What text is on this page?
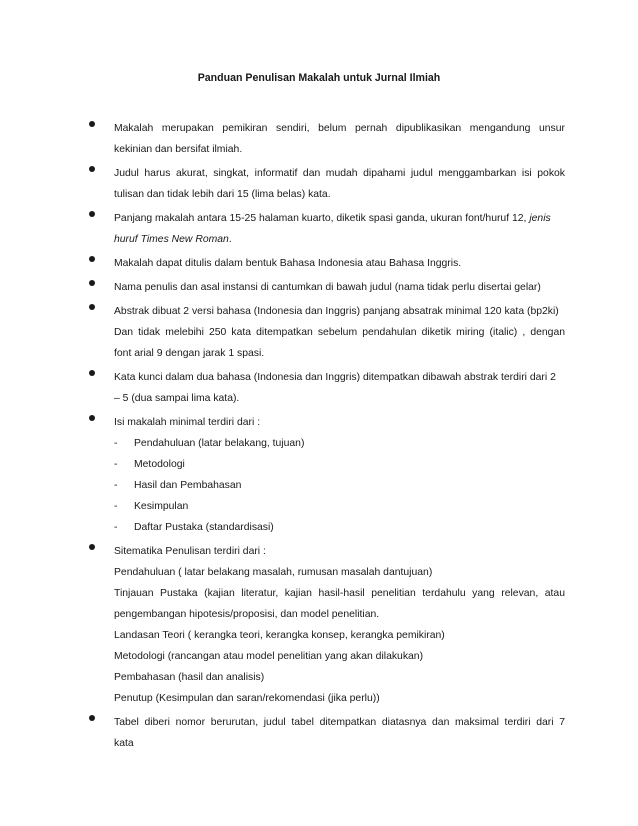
Panduan Penulisan Makalah untuk Jurnal Ilmiah
Makalah merupakan pemikiran sendiri, belum pernah dipublikasikan mengandung unsur
kekinian dan bersifat ilmiah.
Judul harus akurat, singkat, informatif dan mudah dipahami judul menggambarkan isi pokok
tulisan dan tidak lebih dari 15 (lima belas) kata.
Panjang makalah antara 15-25 halaman kuarto, diketik spasi ganda, ukuran font/huruf 12, jenis
huruf Times New Roman.
Makalah dapat ditulis dalam bentuk Bahasa Indonesia atau Bahasa Inggris.
Nama penulis dan asal instansi di cantumkan di bawah judul (nama tidak perlu disertai gelar)
Abstrak dibuat 2 versi bahasa (Indonesia dan Inggris) panjang absatrak minimal 120 kata (bp2ki)
Dan tidak melebihi 250 kata ditempatkan sebelum pendahulan diketik miring (italic) , dengan
font arial 9 dengan jarak 1 spasi.
Kata kunci dalam dua bahasa (Indonesia dan Inggris) ditempatkan dibawah abstrak terdiri dari 2
– 5 (dua sampai lima kata).
Isi makalah minimal terdiri dari :
- Pendahuluan (latar belakang, tujuan)
- Metodologi
- Hasil dan Pembahasan
- Kesimpulan
- Daftar Pustaka (standardisasi)
Sitematika Penulisan terdiri dari :
Pendahuluan ( latar belakang masalah, rumusan masalah dantujuan)
Tinjauan Pustaka (kajian literatur, kajian hasil-hasil penelitian terdahulu yang relevan, atau
pengembangan hipotesis/proposisi, dan model penelitian.
Landasan Teori ( kerangka teori, kerangka konsep, kerangka pemikiran)
Metodologi (rancangan atau model penelitian yang akan dilakukan)
Pembahasan (hasil dan analisis)
Penutup (Kesimpulan dan saran/rekomendasi (jika perlu))
Tabel diberi nomor berurutan, judul tabel ditempatkan diatasnya dan maksimal terdiri dari 7
kata
